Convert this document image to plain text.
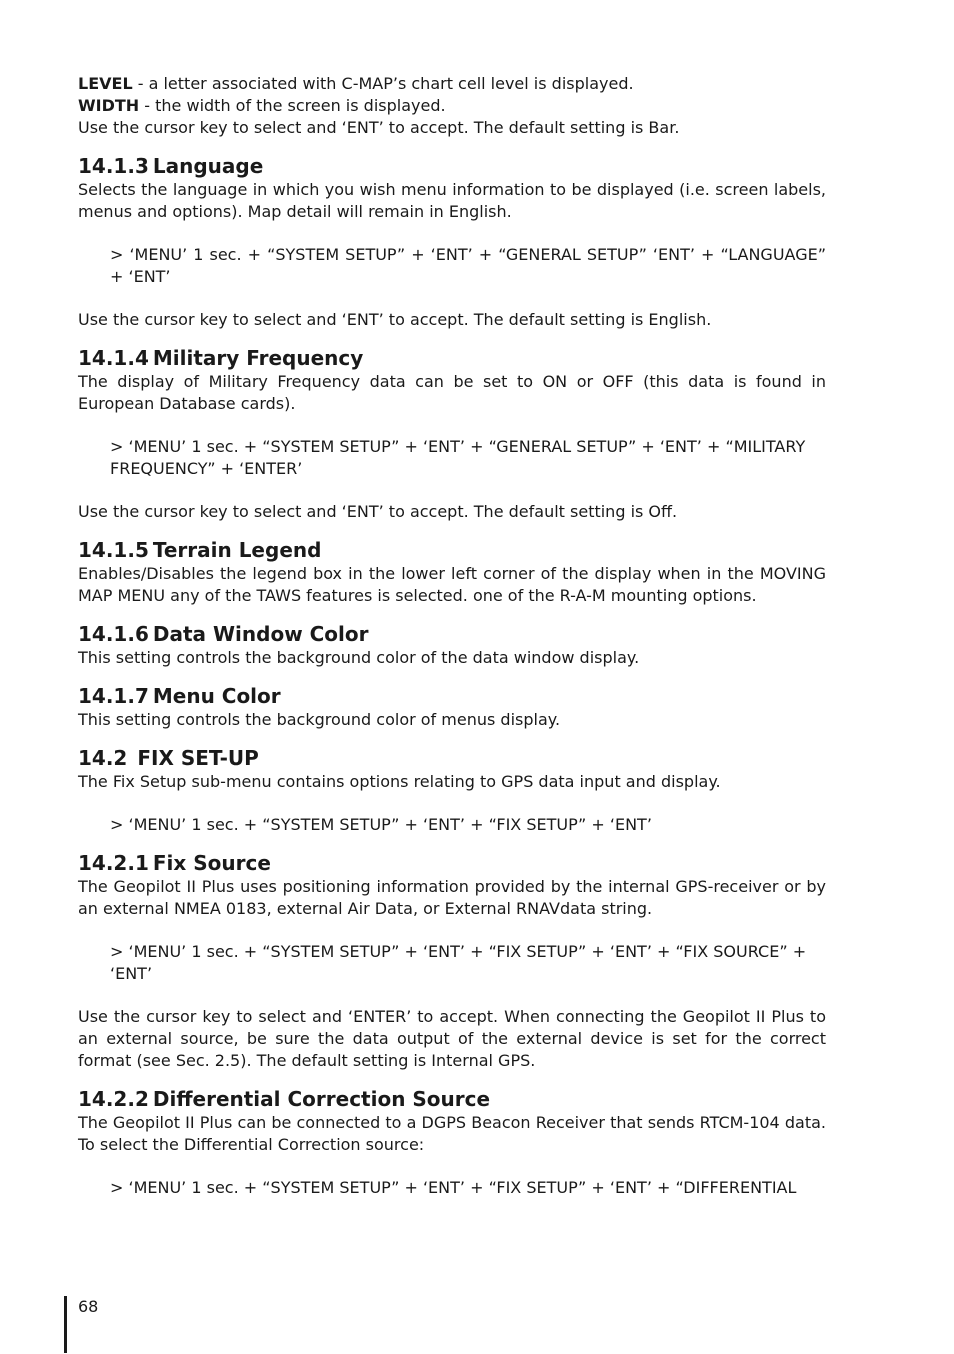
LEVEL - a letter associated with C-MAP’s chart cell level is displayed.

WIDTH - the width of the screen is displayed.

Use the cursor key to select and ‘ENT’ to accept. The default setting is Bar.

14.1.3 Language

Selects the language in which you wish menu information to be displayed (i.e. screen labels, menus and options). Map detail will remain in English.

> ‘MENU’ 1 sec. + “SYSTEM SETUP” + ‘ENT’ + “GENERAL SETUP” ‘ENT’ + “LANGUAGE” + ‘ENT’

Use the cursor key to select and ‘ENT’ to accept. The default setting is English.

14.1.4 Military Frequency

The display of Military Frequency data can be set to ON or OFF (this data is found in European Database cards).

> ‘MENU’ 1 sec. + “SYSTEM SETUP” + ‘ENT’ + “GENERAL SETUP” + ‘ENT’ + “MILITARY FREQUENCY” + ‘ENTER’

Use the cursor key to select and ‘ENT’ to accept. The default setting is Off.

14.1.5 Terrain Legend

Enables/Disables the legend box in the lower left corner of the display when in the MOVING MAP MENU any of the TAWS features is selected. one of the R-A-M mounting options.

14.1.6 Data Window Color

This setting controls the background color of the data window display.

14.1.7 Menu Color

This setting controls the background color of menus display.

14.2 FIX SET-UP

The Fix Setup sub-menu contains options relating to GPS data input and display.

> ‘MENU’ 1 sec. + “SYSTEM SETUP” + ‘ENT’ + “FIX SETUP” + ‘ENT’

14.2.1 Fix Source

The Geopilot II Plus uses positioning information provided by the internal GPS-receiver or by an external NMEA 0183, external Air Data, or External RNAVdata string.

> ‘MENU’ 1 sec. + “SYSTEM SETUP” + ‘ENT’ + “FIX SETUP” + ‘ENT’ + “FIX SOURCE” + ‘ENT’

Use the cursor key to select and ‘ENTER’ to accept. When connecting the Geopilot II Plus to an external source, be sure the data output of the external device is set for the correct format (see Sec. 2.5). The default setting is Internal GPS.

14.2.2 Differential Correction Source

The Geopilot II Plus can be connected to a DGPS Beacon Receiver that sends RTCM-104 data. To select the Differential Correction source:

> ‘MENU’ 1 sec. + “SYSTEM SETUP” + ‘ENT’ + “FIX SETUP” + ‘ENT’ + “DIFFERENTIAL

68
